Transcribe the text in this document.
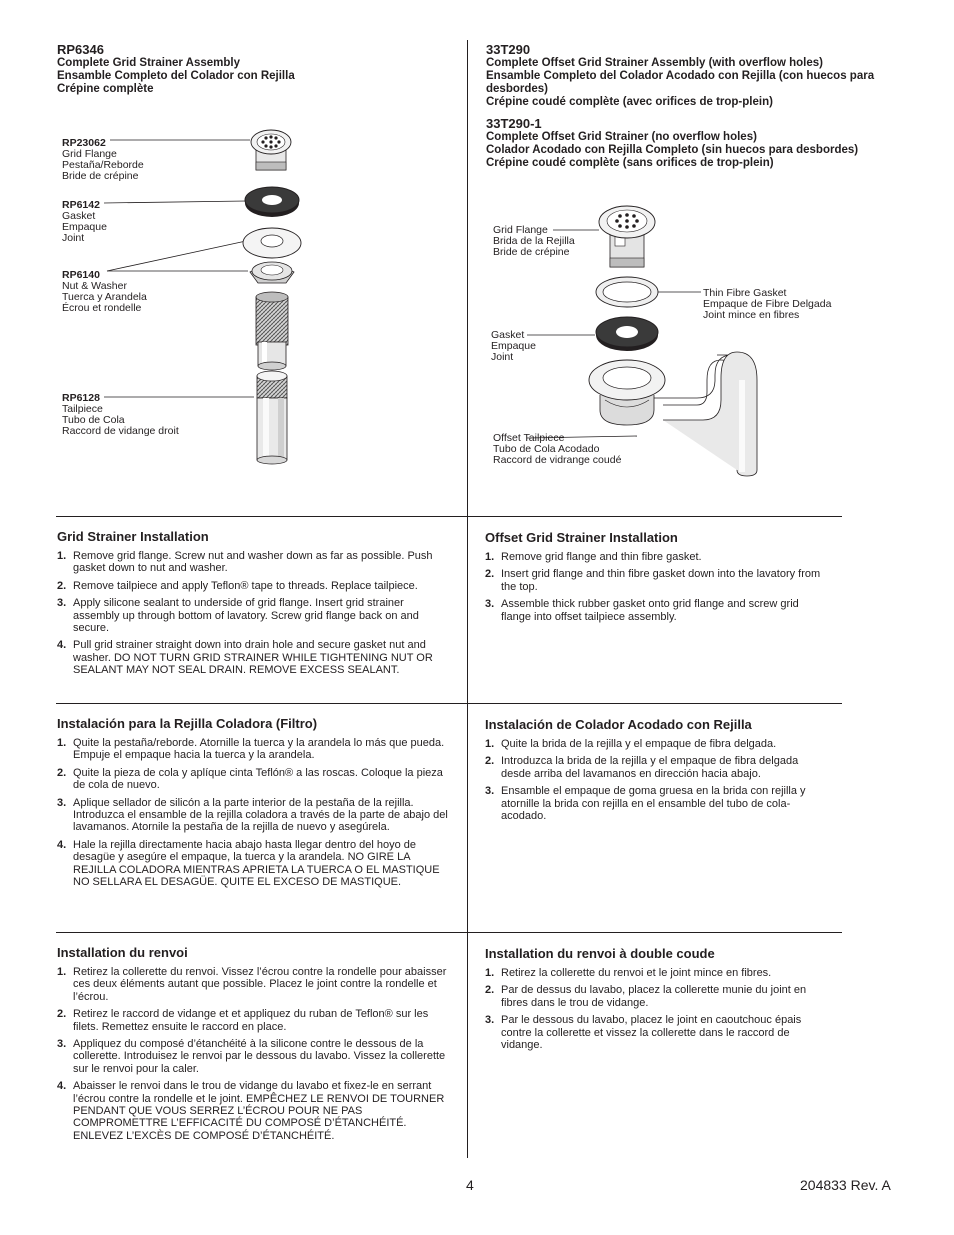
RP6346
Complete Grid Strainer Assembly
Ensamble Completo del Colador con Rejilla
Crépine complète
33T290
Complete Offset Grid Strainer Assembly (with overflow holes)
Ensamble Completo del Colador Acodado con Rejilla (con huecos para desbordes)
Crépine coudé complète (avec orifices de trop-plein)
33T290-1
Complete Offset Grid Strainer (no overflow holes)
Colador Acodado con Rejilla Completo (sin huecos para desbordes)
Crépine coudé complète (sans orifices de trop-plein)
RP23062
Grid Flange
Pestaña/Reborde
Bride de crépine
RP6142
Gasket
Empaque
Joint
RP6140
Nut & Washer
Tuerca y Arandela
Écrou et rondelle
RP6128
Tailpiece
Tubo de Cola
Raccord de vidange droit
Grid Flange
Brida de la Rejilla
Bride de crépine
Thin Fibre Gasket
Empaque de Fibre Delgada
Joint mince en fibres
Gasket
Empaque
Joint
Offset Tailpiece
Tubo de Cola Acodado
Raccord de vidrange coudé
Grid Strainer Installation
1. Remove grid flange. Screw nut and washer down as far as possible. Push gasket down to nut and washer.
2. Remove tailpiece and apply Teflon® tape to threads. Replace tailpiece.
3. Apply silicone sealant to underside of grid flange. Insert grid strainer assembly up through bottom of lavatory. Screw grid flange back on and secure.
4. Pull grid strainer straight down into drain hole and secure gasket nut and washer. DO NOT TURN GRID STRAINER WHILE TIGHTENING NUT OR SEALANT MAY NOT SEAL DRAIN. REMOVE EXCESS SEALANT.
Offset Grid Strainer Installation
1. Remove grid flange and thin fibre gasket.
2. Insert grid flange and thin fibre gasket down into the lavatory from the top.
3. Assemble thick rubber gasket onto grid flange and screw grid flange into offset tailpiece assembly.
Instalación para la Rejilla Coladora (Filtro)
1. Quite la pestaña/reborde. Atornille la tuerca y la arandela lo más que pueda. Empuje el empaque hacia la tuerca y la arandela.
2. Quite la pieza de cola y aplíque cinta Teflón® a las roscas. Coloque la pieza de cola de nuevo.
3. Aplique sellador de silicón a la parte interior de la pestaña de la rejilla. Introduzca el ensamble de la rejilla coladora a través de la parte de abajo del lavamanos. Atornile la pestaña de la rejilla de nuevo y asegúrela.
4. Hale la rejilla directamente hacia abajo hasta llegar dentro del hoyo de desagüe y asegúre el empaque, la tuerca y la arandela. NO GIRE LA REJILLA COLADORA MIENTRAS APRIETA LA TUERCA O EL MASTIQUE NO SELLARA EL DESAGÜE. QUITE EL EXCESO DE MASTIQUE.
Instalación de Colador Acodado con Rejilla
1. Quite la brida de la rejilla y el empaque de fibra delgada.
2. Introduzca la brida de la rejilla y el empaque de fibra delgada desde arriba del lavamanos en dirección hacia abajo.
3. Ensamble el empaque de goma gruesa en la brida con rejilla y atornille la brida con rejilla en el ensamble del tubo de cola-acodado.
Installation du renvoi
1. Retirez la collerette du renvoi. Vissez l’écrou contre la rondelle pour abaisser ces deux éléments autant que possible. Placez le joint contre la rondelle et l’écrou.
2. Retirez le raccord de vidange et et appliquez du ruban de Teflon® sur les filets. Remettez ensuite le raccord en place.
3. Appliquez du composé d’étanchéité à la silicone contre le dessous de la collerette. Introduisez le renvoi par le dessous du lavabo. Vissez la collerette sur le renvoi pour la caler.
4. Abaisser le renvoi dans le trou de vidange du lavabo et fixez-le en serrant l’écrou contre la rondelle et le joint. EMPÊCHEZ LE RENVOI DE TOURNER PENDANT QUE VOUS SERREZ L’ÉCROU POUR NE PAS COMPROMETTRE L’EFFICACITÉ DU COMPOSÉ D’ÉTANCHÉITÉ. ENLEVEZ L’EXCÈS DE COMPOSÉ D’ÉTANCHÉITÉ.
Installation du renvoi à double coude
1. Retirez la collerette du renvoi et le joint mince en fibres.
2. Par de dessus du lavabo, placez la collerette munie du joint en fibres dans le trou de vidange.
3. Par le dessous du lavabo, placez le joint en caoutchouc épais contre la collerette et vissez la collerette dans le raccord de vidange.
4	204833 Rev. A
